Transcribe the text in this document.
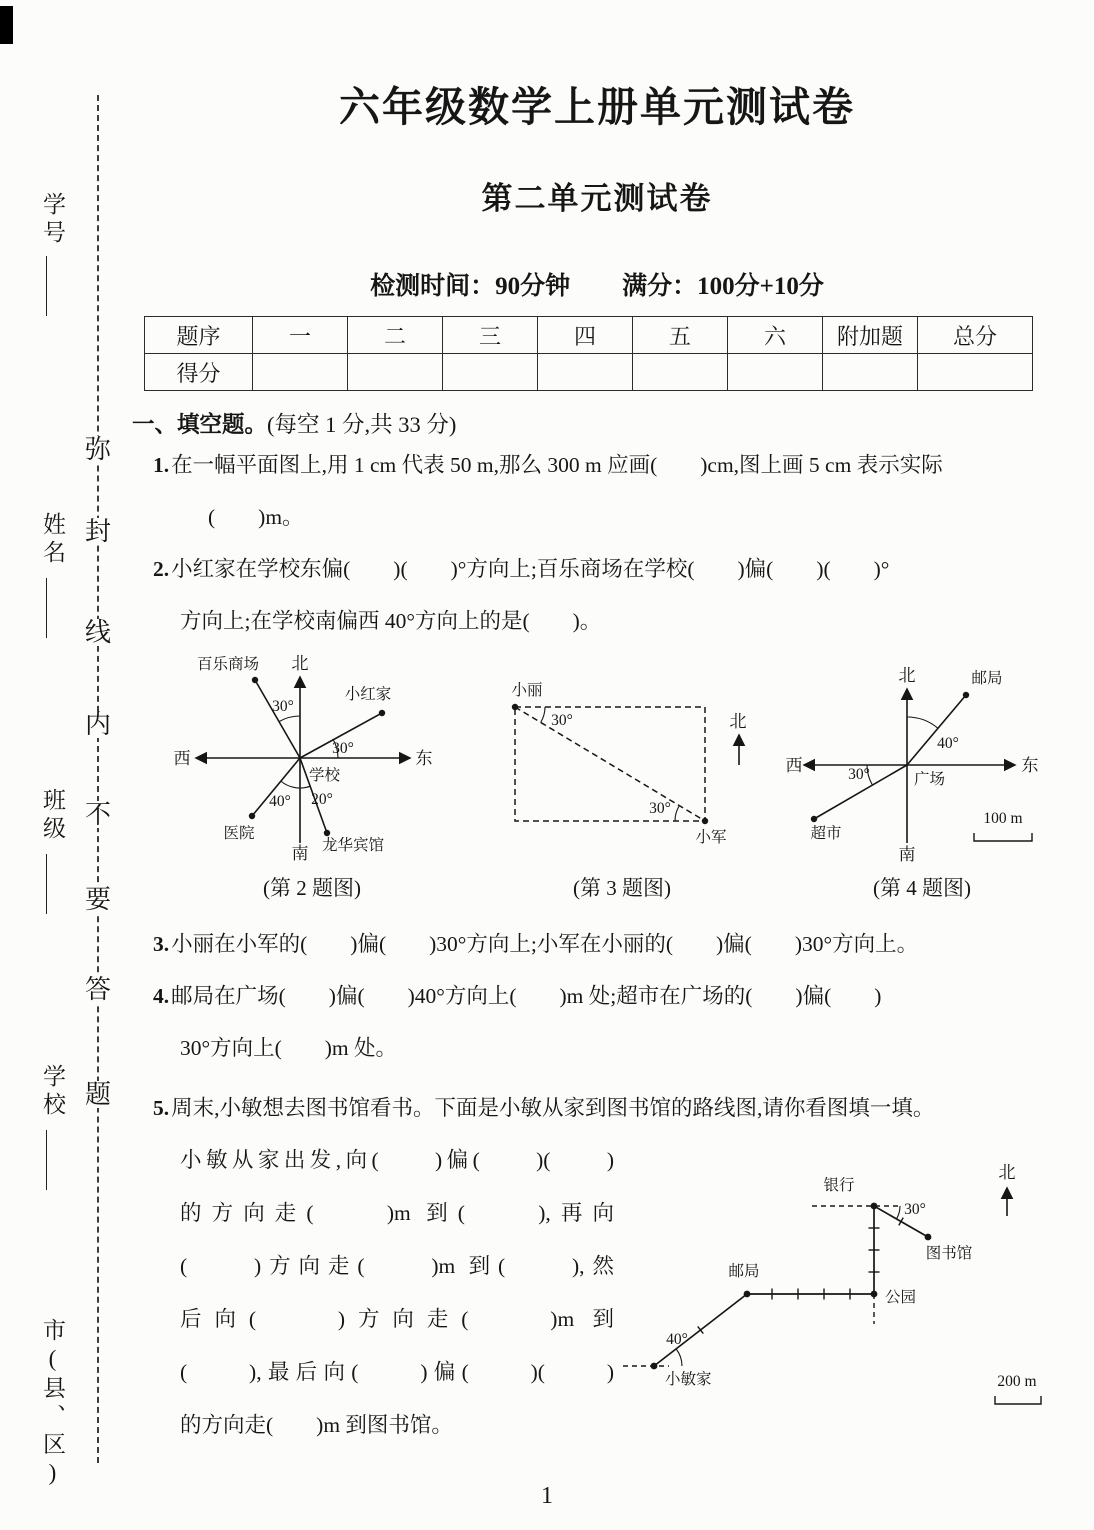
学号
姓名
班级
学校
市(县、区)
弥
封
线
内
不
要
答
题
六年级数学上册单元测试卷
第二单元测试卷
检测时间：90分钟 满分：100分+10分
题序	一	二	三	四	五	六	附加题	总分
得分								
一、填空题。(每空 1 分,共 33 分)

1.在一幅平面图上,用 1 cm 代表 50 m,那么 300 m 应画(　　)cm,图上画 5 cm 表示实际

(　　)m。

2.小红家在学校东偏(　　)(　　)°方向上;百乐商场在学校(　　)偏(　　)(　　)°

方向上;在学校南偏西 40°方向上的是(　　)。

北
南
东
西
百乐商场
30°
小红家
30°
学校
40° 20°
医院
龙华宾馆
(第 2 题图)
小丽
30°
30°
小军
北
(第 3 题图)
北
南
东
西
邮局
40°
广场
30°
超市
100 m
(第 4 题图)

3.小丽在小军的(　　)偏(　　)30°方向上;小军在小丽的(　　)偏(　　)30°方向上。

4.邮局在广场(　　)偏(　　)40°方向上(　　)m 处;超市在广场的(　　)偏(　　)

30°方向上(　　)m 处。

5.周末,小敏想去图书馆看书。下面是小敏从家到图书馆的路线图,请你看图填一填。

小敏从家出发,向(　　)偏(　　)(　　)
的方向走(　　)m 到(　　),再向
(　　)方向走(　　)m 到(　　),然
后向(　　)方向走(　　)m 到
(　　),最后向(　　)偏(　　)(　　)
的方向走(　　)m 到图书馆。
北
银行
30°
图书馆
邮局
公园
40°
小敏家	200 m
1
